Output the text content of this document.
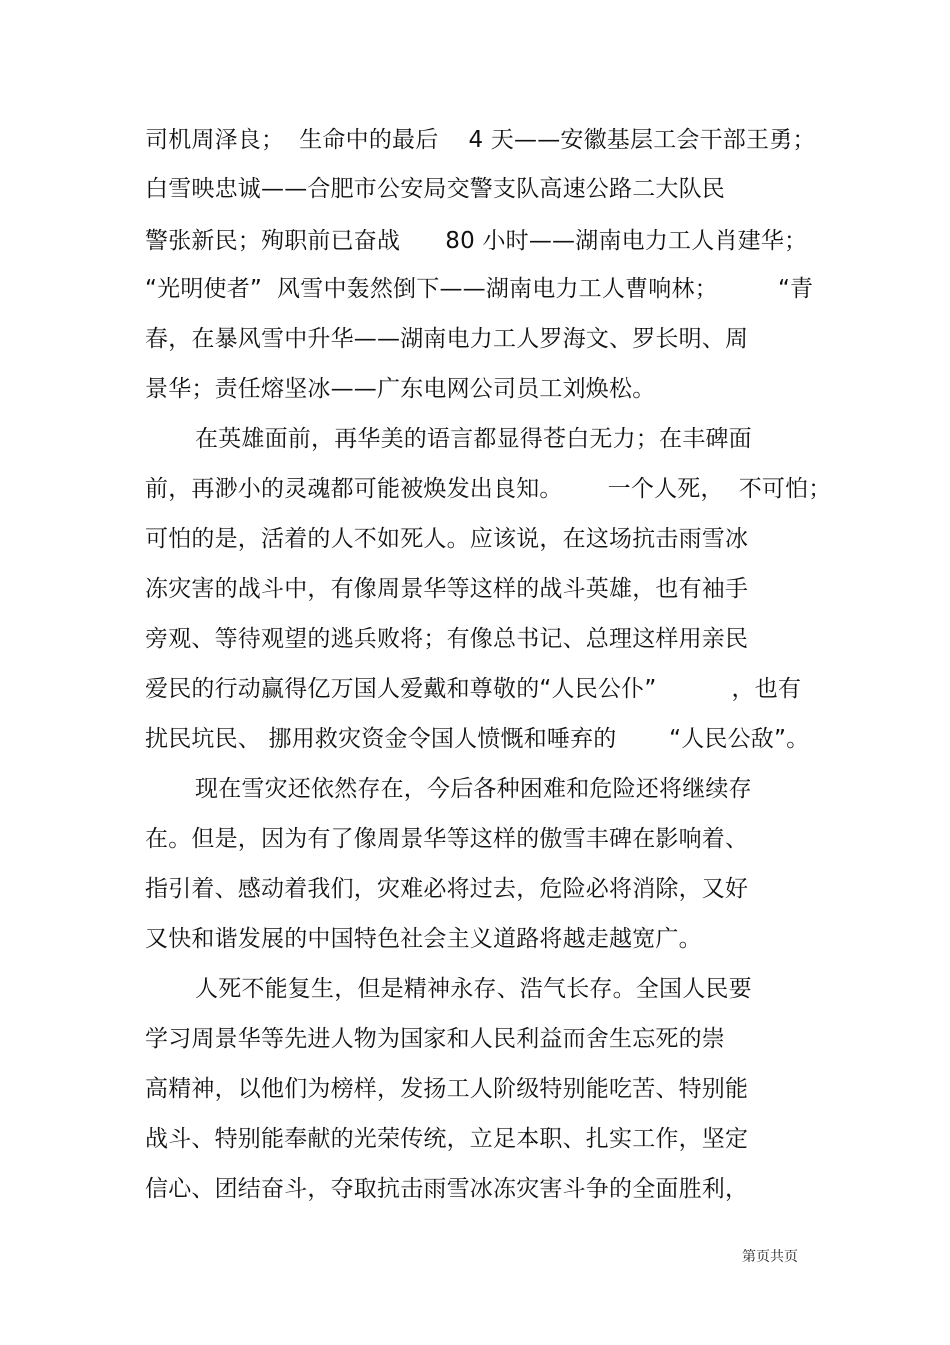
司机周泽良；  生命中的最后    4 天——安徽基层工会干部王勇；
白雪映忠诚——合肥市公安局交警支队高速公路二大队民
警张新民；殉职前已奋战      80 小时——湖南电力工人肖建华；
“光明使者”  风雪中轰然倒下——湖南电力工人曹响林；        “青
春，在暴风雪中升华——湖南电力工人罗海文、罗长明、周
景华；责任熔坚冰——广东电网公司员工刘焕松。
在英雄面前，再华美的语言都显得苍白无力；在丰碑面
前，再渺小的灵魂都可能被焕发出良知。      一个人死，  不可怕；
可怕的是，活着的人不如死人。应该说，在这场抗击雨雪冰
冻灾害的战斗中，有像周景华等这样的战斗英雄，也有袖手
旁观、等待观望的逃兵败将；有像总书记、总理这样用亲民
爱民的行动赢得亿万国人爱戴和尊敬的“人民公仆”          ，也有
扰民坑民、 挪用救灾资金令国人愤慨和唾弃的       “人民公敌”。
现在雪灾还依然存在，今后各种困难和危险还将继续存
在。但是，因为有了像周景华等这样的傲雪丰碑在影响着、
指引着、感动着我们，灾难必将过去，危险必将消除，又好
又快和谐发展的中国特色社会主义道路将越走越宽广。
人死不能复生，但是精神永存、浩气长存。全国人民要
学习周景华等先进人物为国家和人民利益而舍生忘死的崇
高精神，以他们为榜样，发扬工人阶级特别能吃苦、特别能
战斗、特别能奉献的光荣传统，立足本职、扎实工作，坚定
信心、团结奋斗，夺取抗击雨雪冰冻灾害斗争的全面胜利，
第页共页
